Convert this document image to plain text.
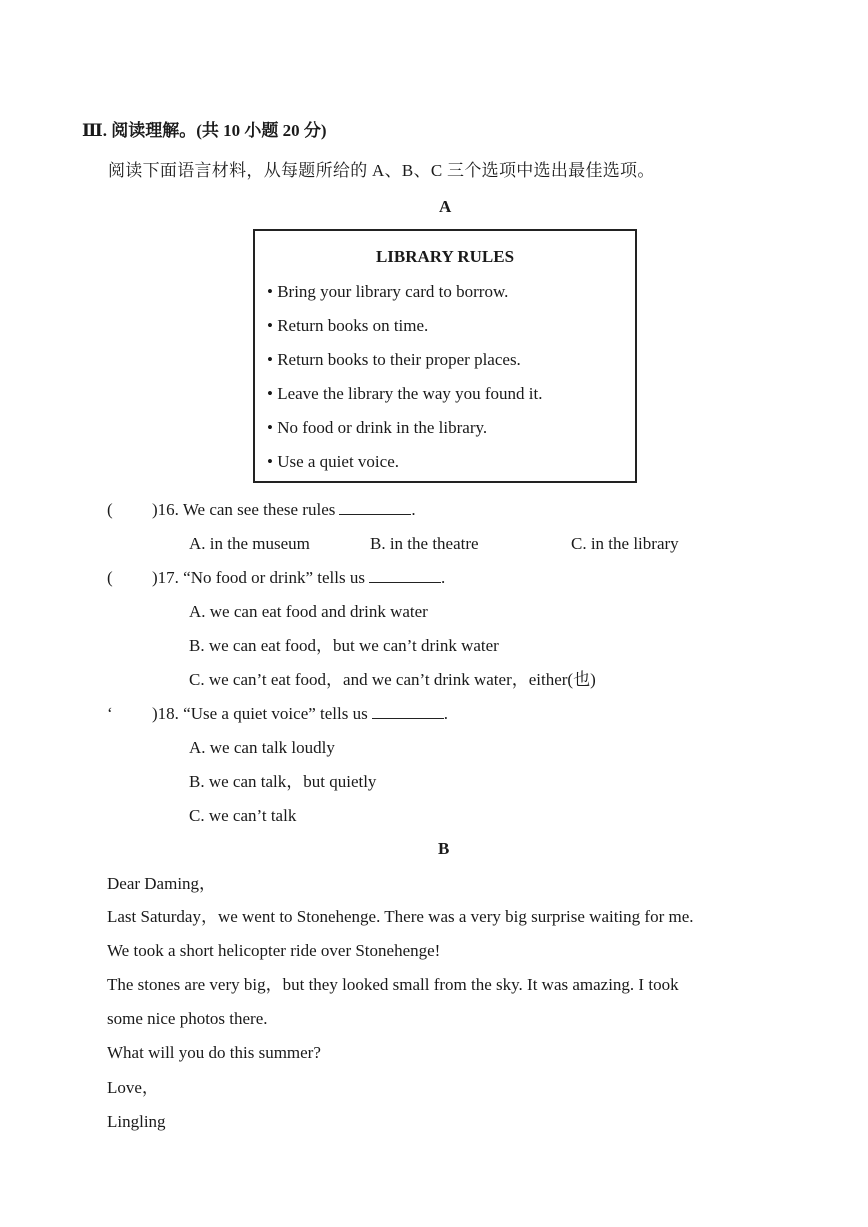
Ⅲ. 阅读理解。(共 10 小题 20 分)
阅读下面语言材料，从每题所给的 A、B、C 三个选项中选出最佳选项。
A
LIBRARY RULES
• Bring your library card to borrow.
• Return books on time.
• Return books to their proper places.
• Leave the library the way you found it.
• No food or drink in the library.
• Use a quiet voice.
( )16. We can see these rules	.
A. in the museum	B. in the theatre	C. in the library
( )17. “No food or drink” tells us	.
A. we can eat food and drink water
B. we can eat food，but we can’t drink water
C. we can’t eat food，and we can’t drink water，either(也)
ʻ )18. “Use a quiet voice” tells us	.
A. we can talk loudly
B. we can talk，but quietly
C. we can’t talk
B
Dear Daming，
Last Saturday，we went to Stonehenge. There was a very big surprise waiting for me.
We took a short helicopter ride over Stonehenge!
The stones are very big，but they looked small from the sky. It was amazing. I took
some nice photos there.
What will you do this summer?
Love，
Lingling
